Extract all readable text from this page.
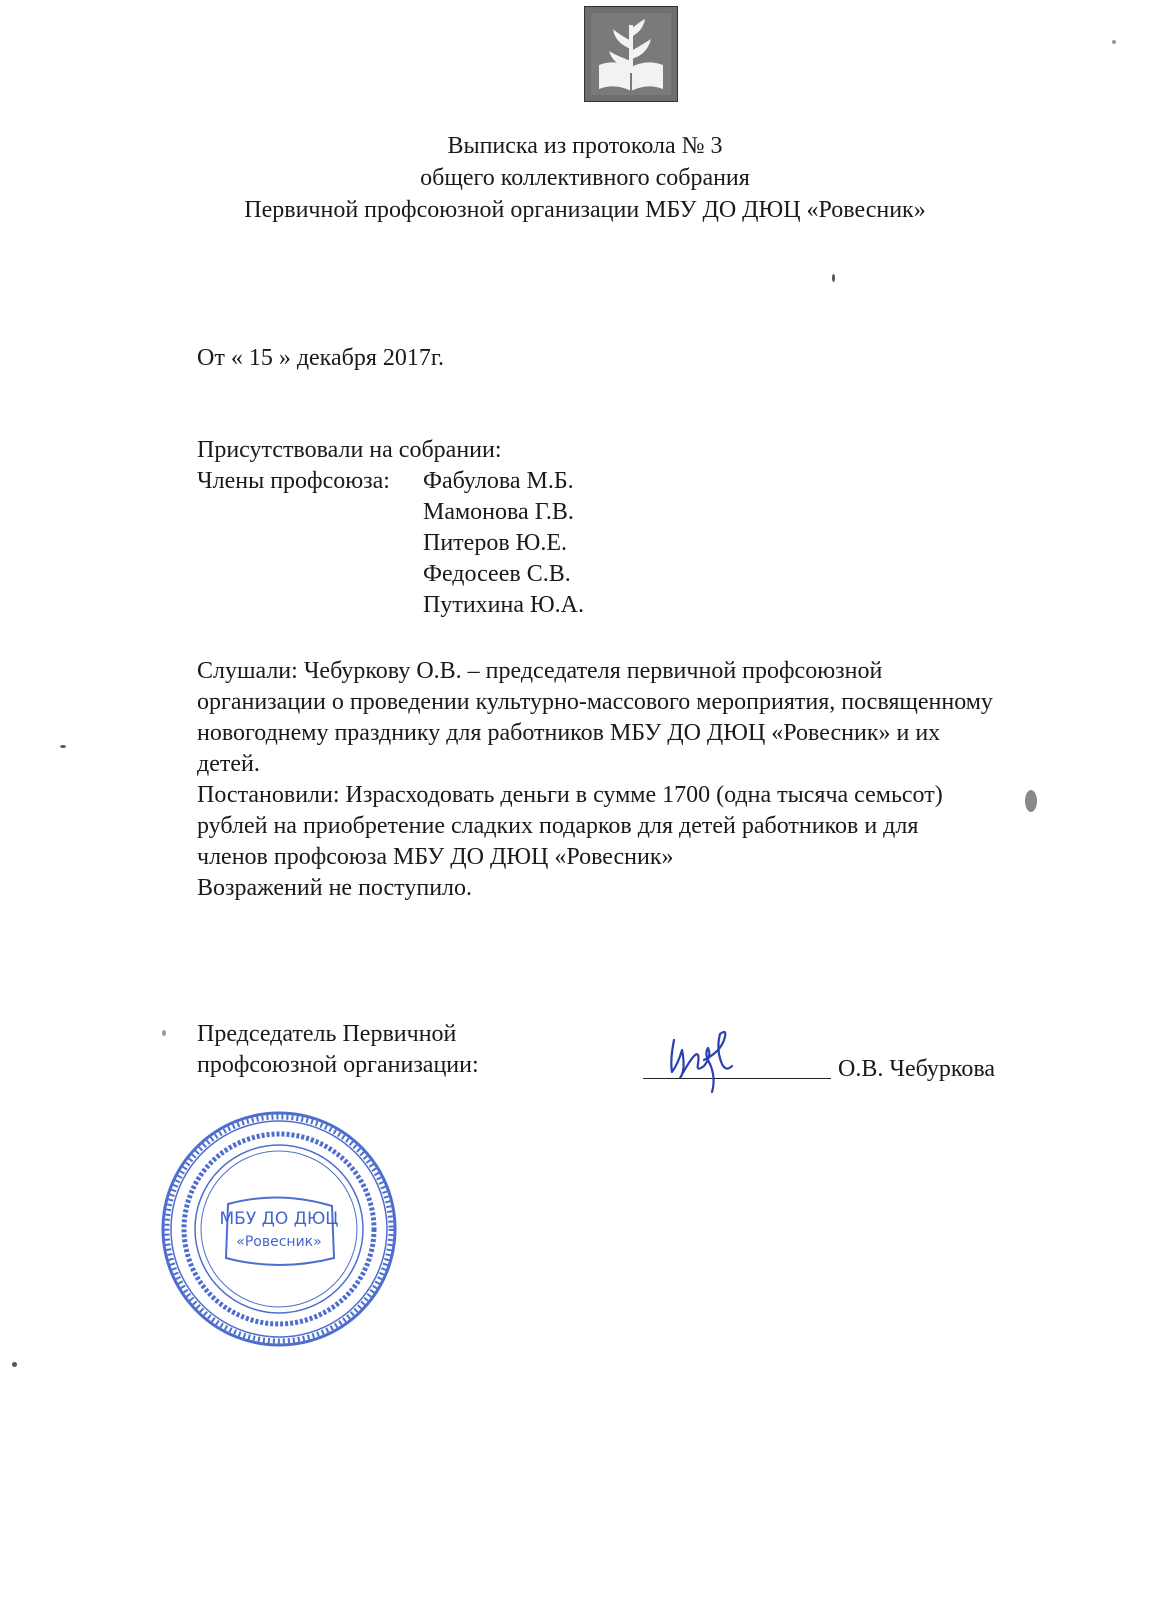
Выписка из протокола № 3
общего коллективного собрания
Первичной профсоюзной организации МБУ ДО ДЮЦ «Ровесник»
От « 15 » декабря 2017г.
Присутствовали на собрании:
Члены профсоюза: Фабулова М.Б.
Мамонова Г.В.
Питеров Ю.Е.
Федосеев С.В.
Путихина Ю.А.
Слушали: Чебуркову О.В. – председателя первичной профсоюзной
организации о проведении культурно-массового мероприятия, посвященному
новогоднему празднику для работников МБУ ДО ДЮЦ «Ровесник» и их
детей.
Постановили: Израсходовать деньги в сумме 1700 (одна тысяча семьсот)
рублей на приобретение сладких подарков для детей работников и для
членов профсоюза МБУ ДО ДЮЦ «Ровесник»
Возражений не поступило.
Председатель Первичной
профсоюзной организации:	О.В. Чебуркова
МБУ ДО ДЮЦ
«Ровесник»
